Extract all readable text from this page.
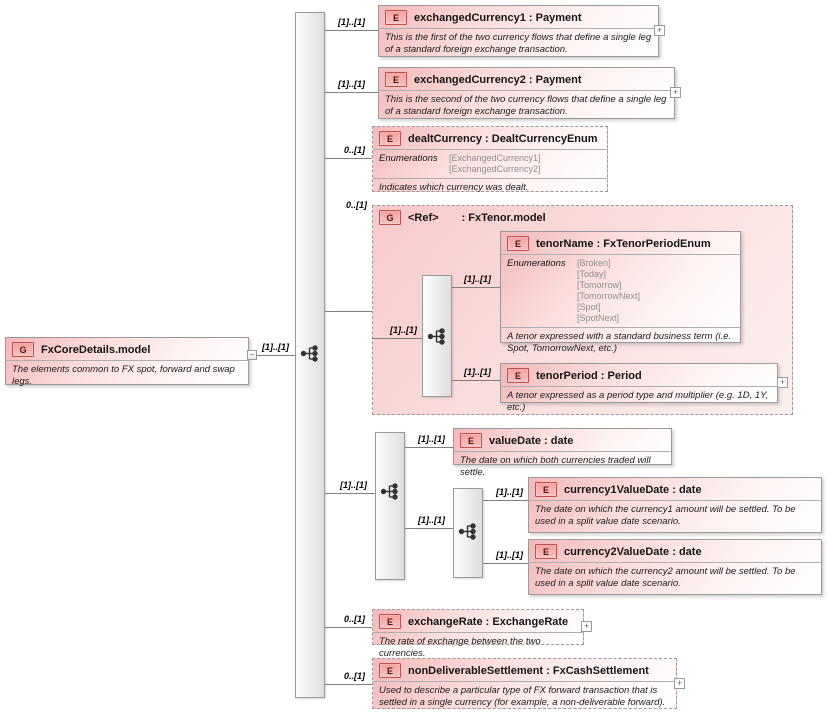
G	FxCoreDetails.model
The elements common to FX spot, forward and swap legs.
−
[1]..[1]
[1]..[1]	E	exchangedCurrency1 : Payment
This is the first of the two currency flows that define a single leg of a standard foreign exchange transaction.
+
[1]..[1]	E	exchangedCurrency2 : Payment
This is the second of the two currency flows that define a single leg of a standard foreign exchange transaction.
+
0..[1]
E	dealtCurrency : DealtCurrencyEnum
Enumerations	[ExchangedCurrency1]
[ExchangedCurrency2]
Indicates which currency was dealt.
0..[1]
G	<Ref> : FxTenor.model
[1]..[1]
[1]..[1]
E	tenorName : FxTenorPeriodEnum
Enumerations	[Broken]
[Today]
[Tomorrow]
[TomorrowNext]
[Spot]
[SpotNext]
A tenor expressed with a standard business term (i.e. Spot, TomorrowNext, etc.)
[1]..[1]	E	tenorPeriod : Period
A tenor expressed as a period type and multiplier (e.g. 1D, 1Y, etc.)
+
[1]..[1]
[1]..[1]	E	valueDate : date
The date on which both currencies traded will settle.
[1]..[1]
[1]..[1]	E	currency1ValueDate : date
The date on which the currency1 amount will be settled. To be used in a split value date scenario.
[1]..[1]	E	currency2ValueDate : date
The date on which the currency2 amount will be settled. To be used in a split value date scenario.
0..[1]	E	exchangeRate : ExchangeRate
The rate of exchange between the two currencies.
+
0..[1]
E	nonDeliverableSettlement : FxCashSettlement
Used to describe a particular type of FX forward transaction that is settled in a single currency (for example, a non-deliverable forward).
+
